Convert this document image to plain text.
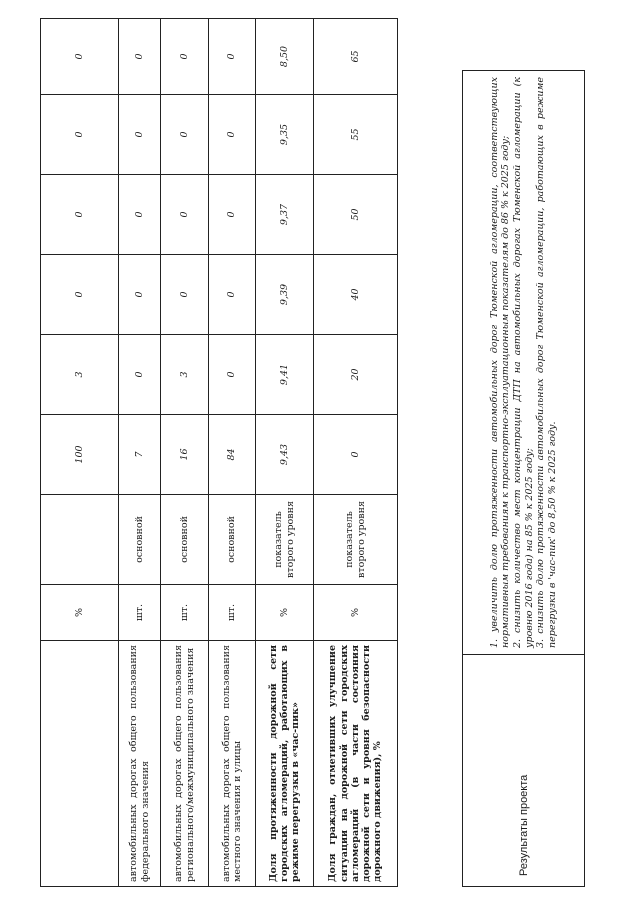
	%		100	3	0	0	0	0
автомобильных дорогах общего пользования федерального значения	шт.	основной	7	0	0	0	0	0
автомобильных дорогах общего пользования регионального/межмуниципального значения	шт.	основной	16	3	0	0	0	0
автомобильных дорогах общего пользования местного значения и улицы	шт.	основной	84	0	0	0	0	0
Доля протяженности дорожной сети городских агломераций, работающих в режиме перегрузки в «час-пик»	%	показатель второго уровня	9,43	9,41	9,39	9,37	9,35	8,50
Доля граждан, отметивших улучшение ситуации на дорожной сети городских агломераций (в части состояния дорожной сети и уровня безопасности дорожного движения), %	%	показатель второго уровня	0	20	40	50	55	65
Результаты проекта	

1. увеличить долю протяженности автомобильных дорог Тюменской агломерации, соответствующих нормативным требованиям к транспортно-эксплуатационным показателям до 86 % к 2025 году; 2. снизить количество мест концентрации ДТП на автомобильных дорогах Тюменской агломерации (к уровню 2016 года) на 85 % к 2025 году; 3. снизить долю протяженности автомобильных дорог Тюменской агломерации, работающих в режиме перегрузки в 'час-пик' до 8,50 % к 2025 году.
